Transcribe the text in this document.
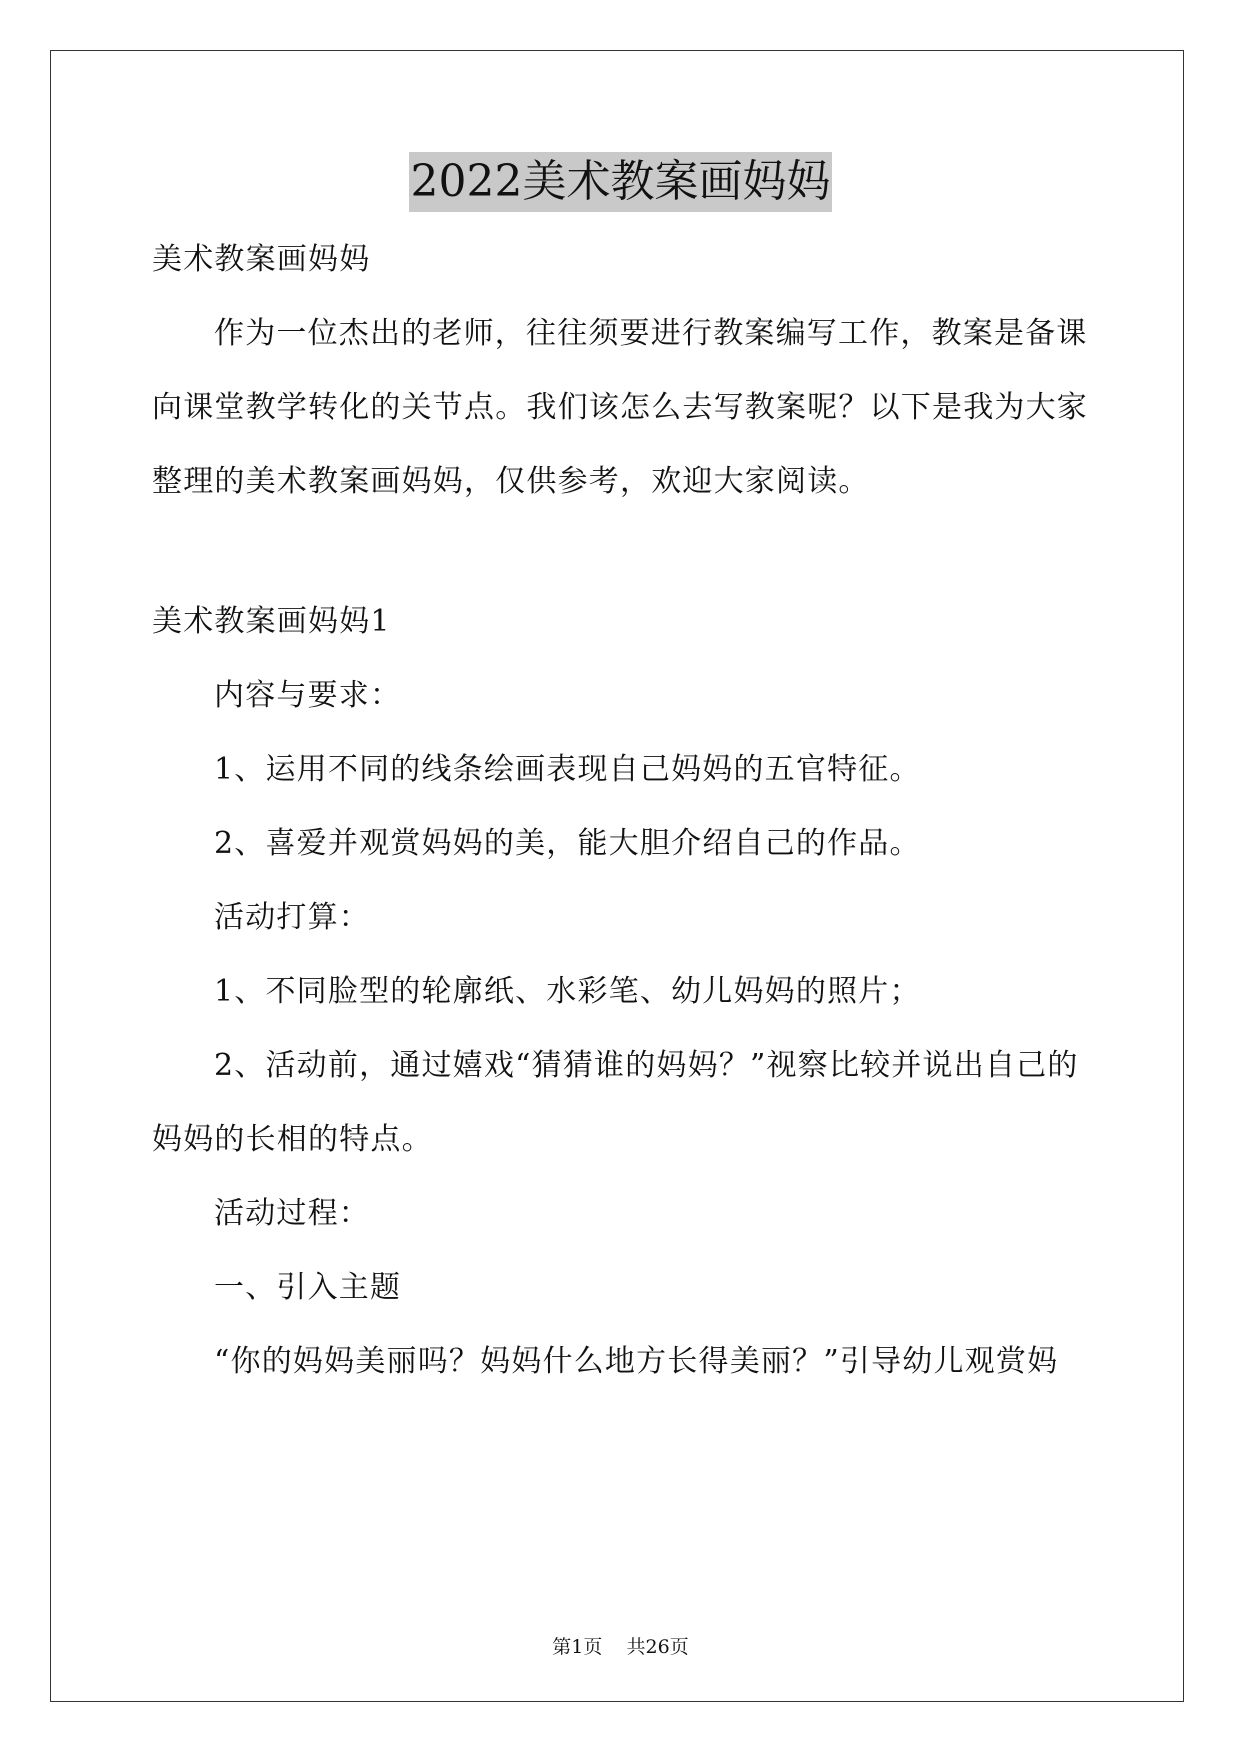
2022美术教案画妈妈
美术教案画妈妈
作为一位杰出的老师，往往须要进行教案编写工作，教案是备课
向课堂教学转化的关节点。我们该怎么去写教案呢？以下是我为大家
整理的美术教案画妈妈，仅供参考，欢迎大家阅读。
美术教案画妈妈1
内容与要求：
1、运用不同的线条绘画表现自己妈妈的五官特征。
2、喜爱并观赏妈妈的美，能大胆介绍自己的作品。
活动打算：
1、不同脸型的轮廓纸、水彩笔、幼儿妈妈的照片；
2、活动前，通过嬉戏“猜猜谁的妈妈？”视察比较并说出自己的
妈妈的长相的特点。
活动过程：
一、引入主题
“你的妈妈美丽吗？妈妈什么地方长得美丽？”引导幼儿观赏妈
第1页 共26页
